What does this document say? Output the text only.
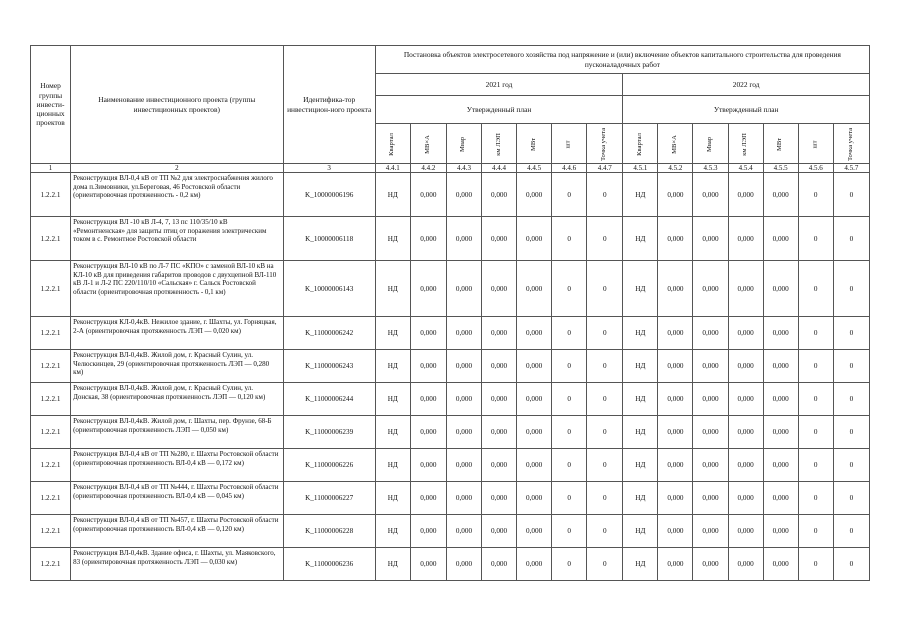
Номер группы инвести-ционных проектов	Наименование инвестиционного проекта (группы инвестиционных проектов)	Идентифика-тор инвестицион-ного проекта	Постановка объектов электросетевого хозяйства под напряжение и (или) включение объектов капитального строительства для проведения пусконаладочных работ													
			2021 год							2022 год						
			Утвержденный план							Утвержденный план						
			Квартал	МВ×А	Мвар	км ЛЭП	МВт	шт	Точка учета	Квартал	МВ×А	Мвар	км ЛЭП	МВт	шт	Точка учета
1	2	3	4.4.1	4.4.2	4.4.3	4.4.4	4.4.5	4.4.6	4.4.7	4.5.1	4.5.2	4.5.3	4.5.4	4.5.5	4.5.6	4.5.7
1.2.2.1	Реконструкция ВЛ-0,4 кВ от ТП №2 для электроснабжения жилого дома п.Зимовники, ул.Береговая, 46 Ростовской области (ориентировочная протяженность - 0,2 км)	K_10000006196	НД	0,000	0,000	0,000	0,000	0	0	НД	0,000	0,000	0,000	0,000	0	0
1.2.2.1	Реконструкция ВЛ -10 кВ Л-4, 7, 13 пс 110/35/10 кВ «Ремонтненская» для защиты птиц от поражения электрическим током в с. Ремонтное Ростовской области	K_10000006118	НД	0,000	0,000	0,000	0,000	0	0	НД	0,000	0,000	0,000	0,000	0	0
1.2.2.1	Реконструкция ВЛ-10 кВ по Л-7 ПС «КПО» с заменой ВЛ-10 кВ на КЛ-10 кВ для приведения габаритов проводов с двухцепной ВЛ-110 кВ Л-1 и Л-2 ПС 220/110/10 «Сальская» г. Сальск Ростовской области (ориентировочная протяженность - 0,1 км)	K_10000006143	НД	0,000	0,000	0,000	0,000	0	0	НД	0,000	0,000	0,000	0,000	0	0
1.2.2.1	Реконструкция КЛ-0,4кВ. Нежилое здание, г. Шахты, ул. Горняцкая, 2-А (ориентировочная протяженность ЛЭП — 0,020 км)	K_11000006242	НД	0,000	0,000	0,000	0,000	0	0	НД	0,000	0,000	0,000	0,000	0	0
1.2.2.1	Реконструкция ВЛ-0,4кВ. Жилой дом, г. Красный Сулин, ул. Челюскинцев, 29 (ориентировочная протяженность ЛЭП — 0,280 км)	K_11000006243	НД	0,000	0,000	0,000	0,000	0	0	НД	0,000	0,000	0,000	0,000	0	0
1.2.2.1	Реконструкция ВЛ-0,4кВ. Жилой дом, г. Красный Сулин, ул. Донская, 38 (ориентировочная протяженность ЛЭП — 0,120 км)	K_11000006244	НД	0,000	0,000	0,000	0,000	0	0	НД	0,000	0,000	0,000	0,000	0	0
1.2.2.1	Реконструкция ВЛ-0,4кВ. Жилой дом, г. Шахты, пер. Фрунзе, 68-Б (ориентировочная протяженность ЛЭП — 0,050 км)	K_11000006239	НД	0,000	0,000	0,000	0,000	0	0	НД	0,000	0,000	0,000	0,000	0	0
1.2.2.1	Реконструкция ВЛ-0,4 кВ от ТП №280, г. Шахты Ростовской области (ориентировочная протяженность ВЛ-0,4 кВ — 0,172 км)	K_11000006226	НД	0,000	0,000	0,000	0,000	0	0	НД	0,000	0,000	0,000	0,000	0	0
1.2.2.1	Реконструкция ВЛ-0,4 кВ от ТП №444, г. Шахты Ростовской области (ориентировочная протяженность ВЛ-0,4 кВ — 0,045 км)	K_11000006227	НД	0,000	0,000	0,000	0,000	0	0	НД	0,000	0,000	0,000	0,000	0	0
1.2.2.1	Реконструкция ВЛ-0,4 кВ от ТП №457, г. Шахты Ростовской области (ориентировочная протяженность ВЛ-0,4 кВ — 0,120 км)	K_11000006228	НД	0,000	0,000	0,000	0,000	0	0	НД	0,000	0,000	0,000	0,000	0	0
1.2.2.1	Реконструкция ВЛ-0,4кВ. Здание офиса, г. Шахты, ул. Маяковского, 83 (ориентировочная протяженность ЛЭП — 0,030 км)	K_11000006236	НД	0,000	0,000	0,000	0,000	0	0	НД	0,000	0,000	0,000	0,000	0	0
